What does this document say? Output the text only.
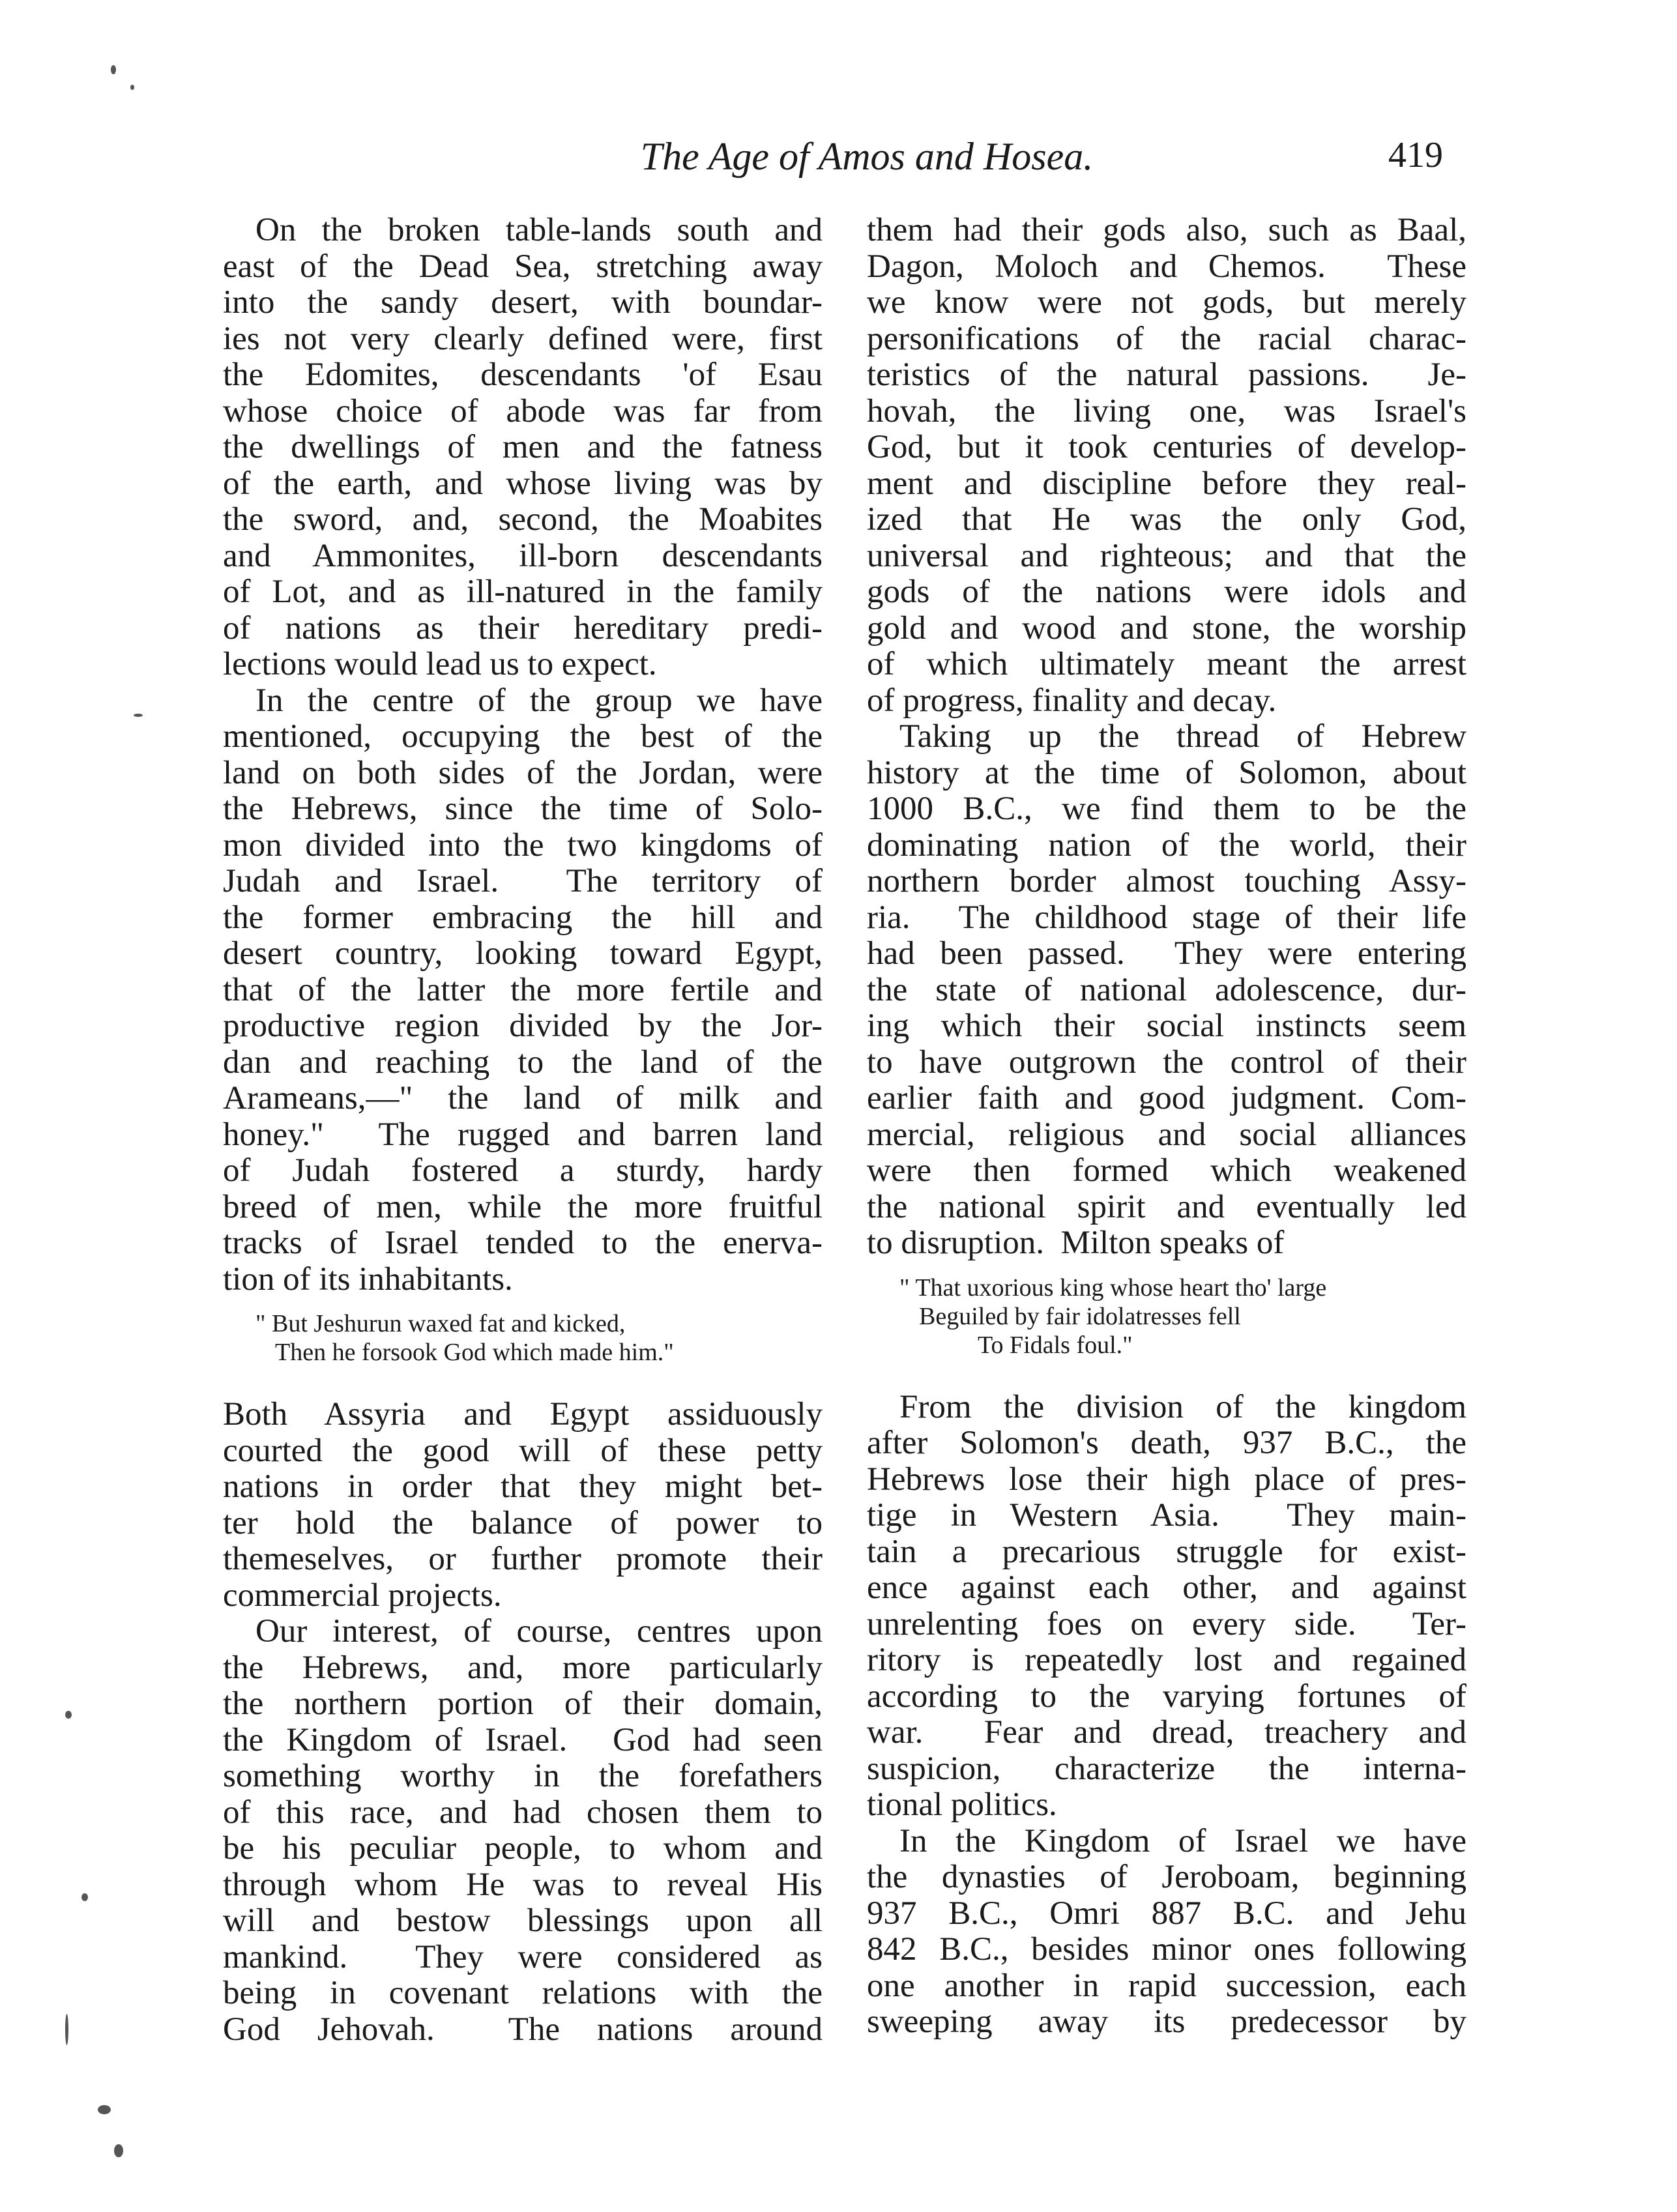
The Age of Amos and Hosea.	419
On the broken table-lands south and
east of the Dead Sea, stretching away
into the sandy desert, with boundar-
ies not very clearly defined were, first
the Edomites, descendants 'of Esau
whose choice of abode was far from
the dwellings of men and the fatness
of the earth, and whose living was by
the sword, and, second, the Moabites
and Ammonites, ill-born descendants
of Lot, and as ill-natured in the family
of nations as their hereditary predi-
lections would lead us to expect.
In the centre of the group we have
mentioned, occupying the best of the
land on both sides of the Jordan, were
the Hebrews, since the time of Solo-
mon divided into the two kingdoms of
Judah and Israel.  The territory of
the former embracing the hill and
desert country, looking toward Egypt,
that of the latter the more fertile and
productive region divided by the Jor-
dan and reaching to the land of the
Arameans,—" the land of milk and
honey."  The rugged and barren land
of Judah fostered a sturdy, hardy
breed of men, while the more fruitful
tracks of Israel tended to the enerva-
tion of its inhabitants.
" But Jeshurun waxed fat and kicked,
Then he forsook God which made him."
Both Assyria and Egypt assiduously
courted the good will of these petty
nations in order that they might bet-
ter hold the balance of power to
themeselves, or further promote their
commercial projects.
Our interest, of course, centres upon
the Hebrews, and, more particularly
the northern portion of their domain,
the Kingdom of Israel.  God had seen
something worthy in the forefathers
of this race, and had chosen them to
be his peculiar people, to whom and
through whom He was to reveal His
will and bestow blessings upon all
mankind.  They were considered as
being in covenant relations with the
God Jehovah.  The nations around
them had their gods also, such as Baal,
Dagon, Moloch and Chemos.  These
we know were not gods, but merely
personifications of the racial charac-
teristics of the natural passions.  Je-
hovah, the living one, was Israel's
God, but it took centuries of develop-
ment and discipline before they real-
ized that He was the only God,
universal and righteous; and that the
gods of the nations were idols and
gold and wood and stone, the worship
of which ultimately meant the arrest
of progress, finality and decay.
Taking up the thread of Hebrew
history at the time of Solomon, about
1000 B.C., we find them to be the
dominating nation of the world, their
northern border almost touching Assy-
ria.  The childhood stage of their life
had been passed.  They were entering
the state of national adolescence, dur-
ing which their social instincts seem
to have outgrown the control of their
earlier faith and good judgment. Com-
mercial, religious and social alliances
were then formed which weakened
the national spirit and eventually led
to disruption.  Milton speaks of
" That uxorious king whose heart tho' large
Beguiled by fair idolatresses fell
To Fidals foul."
From the division of the kingdom
after Solomon's death, 937 B.C., the
Hebrews lose their high place of pres-
tige in Western Asia.  They main-
tain a precarious struggle for exist-
ence against each other, and against
unrelenting foes on every side.  Ter-
ritory is repeatedly lost and regained
according to the varying fortunes of
war.  Fear and dread, treachery and
suspicion, characterize the interna-
tional politics.
In the Kingdom of Israel we have
the dynasties of Jeroboam, beginning
937 B.C., Omri 887 B.C. and Jehu
842 B.C., besides minor ones following
one another in rapid succession, each
sweeping away its predecessor by
